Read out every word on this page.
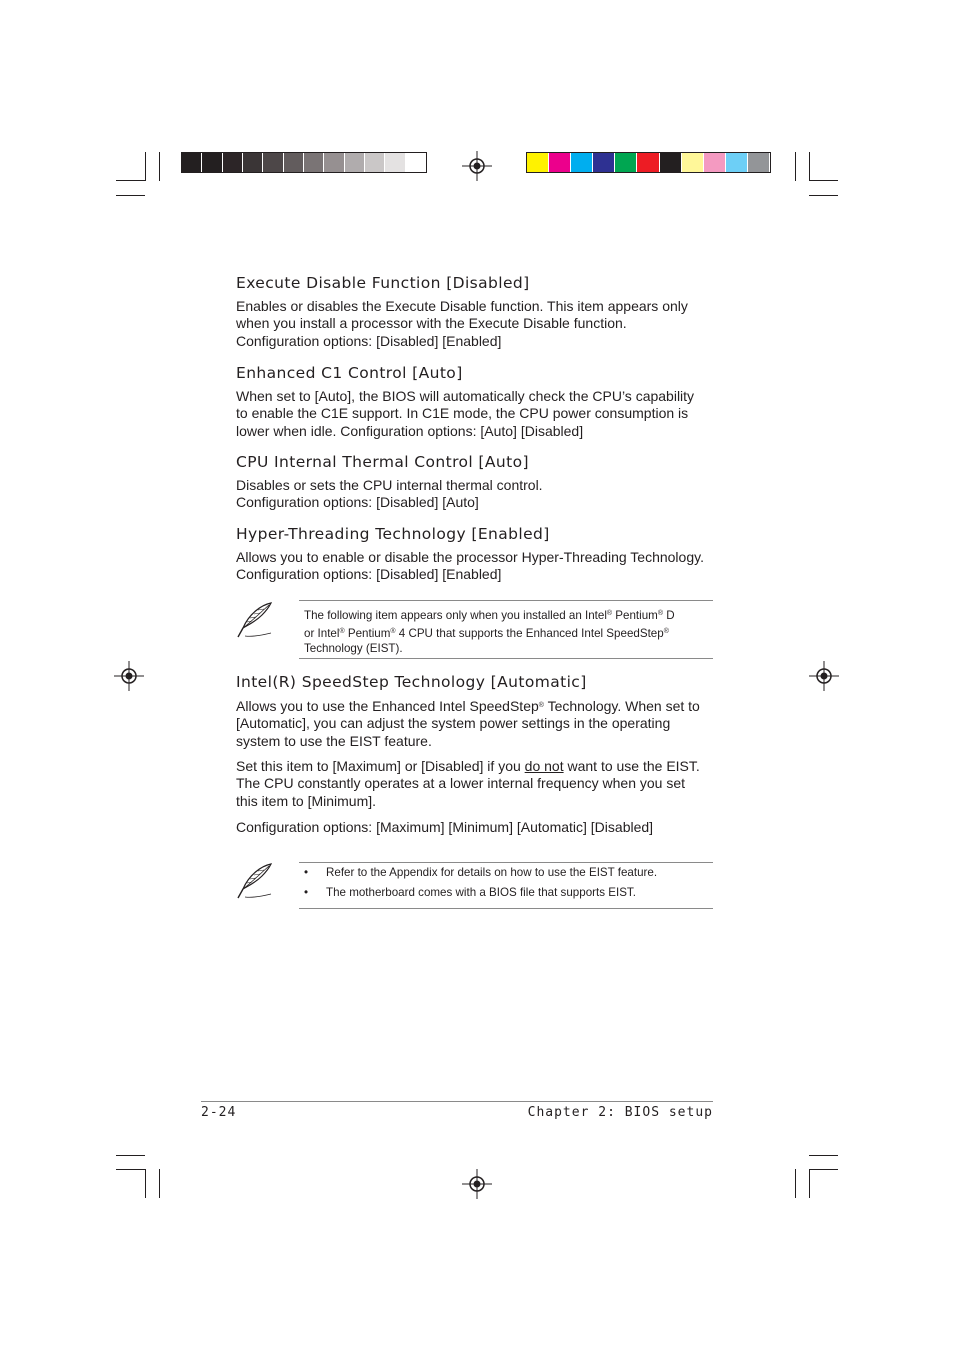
Execute Disable Function [Disabled]
Enables or disables the Execute Disable function. This item appears only
when you install a processor with the Execute Disable function.
Configuration options: [Disabled] [Enabled]
Enhanced C1 Control [Auto]
When set to [Auto], the BIOS will automatically check the CPU’s capability
to enable the C1E support. In C1E mode, the CPU power consumption is
lower when idle. Configuration options: [Auto] [Disabled]
CPU Internal Thermal Control [Auto]
Disables or sets the CPU internal thermal control.
Configuration options: [Disabled] [Auto]
Hyper-Threading Technology [Enabled]
Allows you to enable or disable the processor Hyper-Threading Technology.
Configuration options: [Disabled] [Enabled]
The following item appears only when you installed an Intel® Pentium® D
or Intel® Pentium® 4 CPU that supports the Enhanced Intel SpeedStep®
Technology (EIST).
Intel(R) SpeedStep Technology [Automatic]
Allows you to use the Enhanced Intel SpeedStep® Technology. When set to
[Automatic], you can adjust the system power settings in the operating
system to use the EIST feature.
Set this item to [Maximum] or [Disabled] if you do not want to use the EIST.
The CPU constantly operates at a lower internal frequency when you set
this item to [Minimum].
Configuration options: [Maximum] [Minimum] [Automatic] [Disabled]
• Refer to the Appendix for details on how to use the EIST feature.
• The motherboard comes with a BIOS file that supports EIST.
2-24	Chapter 2: BIOS setup
